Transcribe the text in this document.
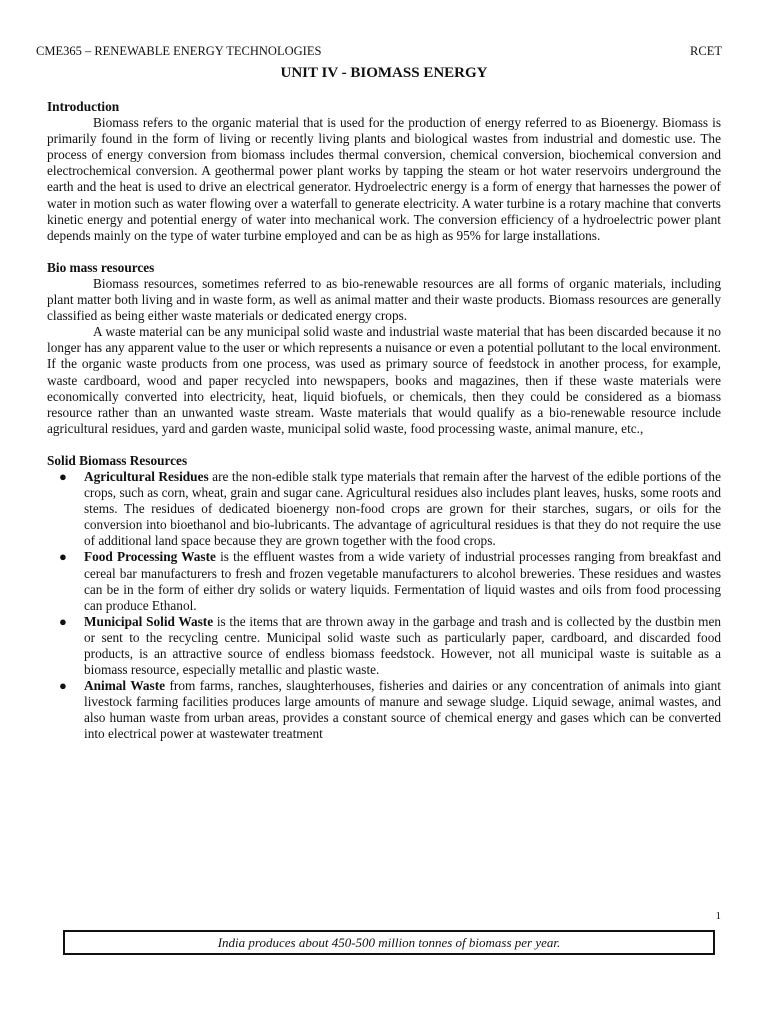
CME365 – RENEWABLE ENERGY TECHNOLOGIES	RCET
UNIT IV - BIOMASS ENERGY
Introduction

Biomass refers to the organic material that is used for the production of energy referred to as Bioenergy. Biomass is primarily found in the form of living or recently living plants and biological wastes from industrial and domestic use. The process of energy conversion from biomass includes thermal conversion, chemical conversion, biochemical conversion and electrochemical conversion. A geothermal power plant works by tapping the steam or hot water reservoirs underground the earth and the heat is used to drive an electrical generator. Hydroelectric energy is a form of energy that harnesses the power of water in motion such as water flowing over a waterfall to generate electricity. A water turbine is a rotary machine that converts kinetic energy and potential energy of water into mechanical work. The conversion efficiency of a hydroelectric power plant depends mainly on the type of water turbine employed and can be as high as 95% for large installations.

Bio mass resources

Biomass resources, sometimes referred to as bio-renewable resources are all forms of organic materials, including plant matter both living and in waste form, as well as animal matter and their waste products. Biomass resources are generally classified as being either waste materials or dedicated energy crops.

A waste material can be any municipal solid waste and industrial waste material that has been discarded because it no longer has any apparent value to the user or which represents a nuisance or even a potential pollutant to the local environment. If the organic waste products from one process, was used as primary source of feedstock in another process, for example, waste cardboard, wood and paper recycled into newspapers, books and magazines, then if these waste materials were economically converted into electricity, heat, liquid biofuels, or chemicals, then they could be considered as a biomass resource rather than an unwanted waste stream. Waste materials that would qualify as a bio-renewable resource include agricultural residues, yard and garden waste, municipal solid waste, food processing waste, animal manure, etc.,

Solid Biomass Resources
● Agricultural Residues are the non-edible stalk type materials that remain after the harvest of the edible portions of the crops, such as corn, wheat, grain and sugar cane. Agricultural residues also includes plant leaves, husks, some roots and stems. The residues of dedicated bioenergy non-food crops are grown for their starches, sugars, or oils for the conversion into bioethanol and bio-lubricants. The advantage of agricultural residues is that they do not require the use of additional land space because they are grown together with the food crops.
● Food Processing Waste is the effluent wastes from a wide variety of industrial processes ranging from breakfast and cereal bar manufacturers to fresh and frozen vegetable manufacturers to alcohol breweries. These residues and wastes can be in the form of either dry solids or watery liquids. Fermentation of liquid wastes and oils from food processing can produce Ethanol.
● Municipal Solid Waste is the items that are thrown away in the garbage and trash and is collected by the dustbin men or sent to the recycling centre. Municipal solid waste such as particularly paper, cardboard, and discarded food products, is an attractive source of endless biomass feedstock. However, not all municipal waste is suitable as a biomass resource, especially metallic and plastic waste.
● Animal Waste from farms, ranches, slaughterhouses, fisheries and dairies or any concentration of animals into giant livestock farming facilities produces large amounts of manure and sewage sludge. Liquid sewage, animal wastes, and also human waste from urban areas, provides a constant source of chemical energy and gases which can be converted into electrical power at wastewater treatment
1
India produces about 450-500 million tonnes of biomass per year.
